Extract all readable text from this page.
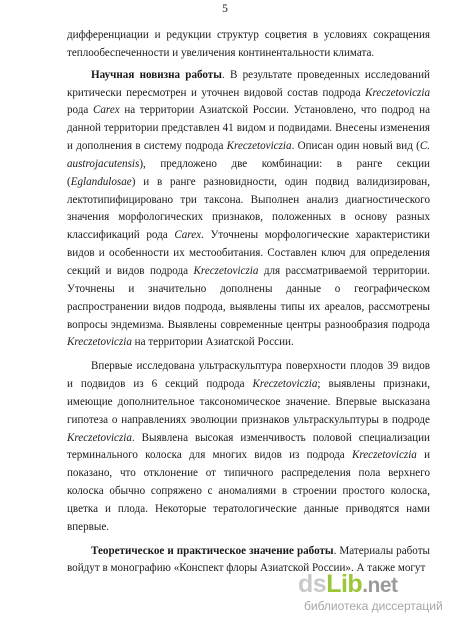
5

дифференциации и редукции структур соцветия в условиях сокращения теплообеспеченности и увеличения континентальности климата.

Научная новизна работы. В результате проведенных исследований критически пересмотрен и уточнен видовой состав подрода Kreczetoviczia рода Carex на территории Азиатской России. Установлено, что подрод на данной территории представлен 41 видом и подвидами. Внесены изменения и дополнения в систему подрода Kreczetoviczia. Описан один новый вид (C. austrojacutensis), предложено две комбинации: в ранге секции (Eglandulosae) и в ранге разновидности, один подвид валидизирован, лектотипифицировано три таксона. Выполнен анализ диагностического значения морфологических признаков, положенных в основу разных классификаций рода Carex. Уточнены морфологические характеристики видов и особенности их местообитания. Составлен ключ для определения секций и видов подрода Kreczetoviczia для рассматриваемой территории. Уточнены и значительно дополнены данные о географическом распространении видов подрода, выявлены типы их ареалов, рассмотрены вопросы эндемизма. Выявлены современные центры разнообразия подрода Kreczetoviczia на территории Азиатской России.

Впервые исследована ультраскульптура поверхности плодов 39 видов и подвидов из 6 секций подрода Kreczetoviczia; выявлены признаки, имеющие дополнительное таксономическое значение. Впервые высказана гипотеза о направлениях эволюции признаков ультраскульптуры в подроде Kreczetoviczia. Выявлена высокая изменчивость половой специализации терминального колоска для многих видов из подрода Kreczetoviczia и показано, что отклонение от типичного распределения пола верхнего колоска обычно сопряжено с аномалиями в строении простого колоска, цветка и плода. Некоторые тератологические данные приводятся нами впервые.

Теоретическое и практическое значение работы. Материалы работы войдут в монографию «Конспект флоры Азиатской России». А также могут

dsLib.net
библиотека диссертаций
